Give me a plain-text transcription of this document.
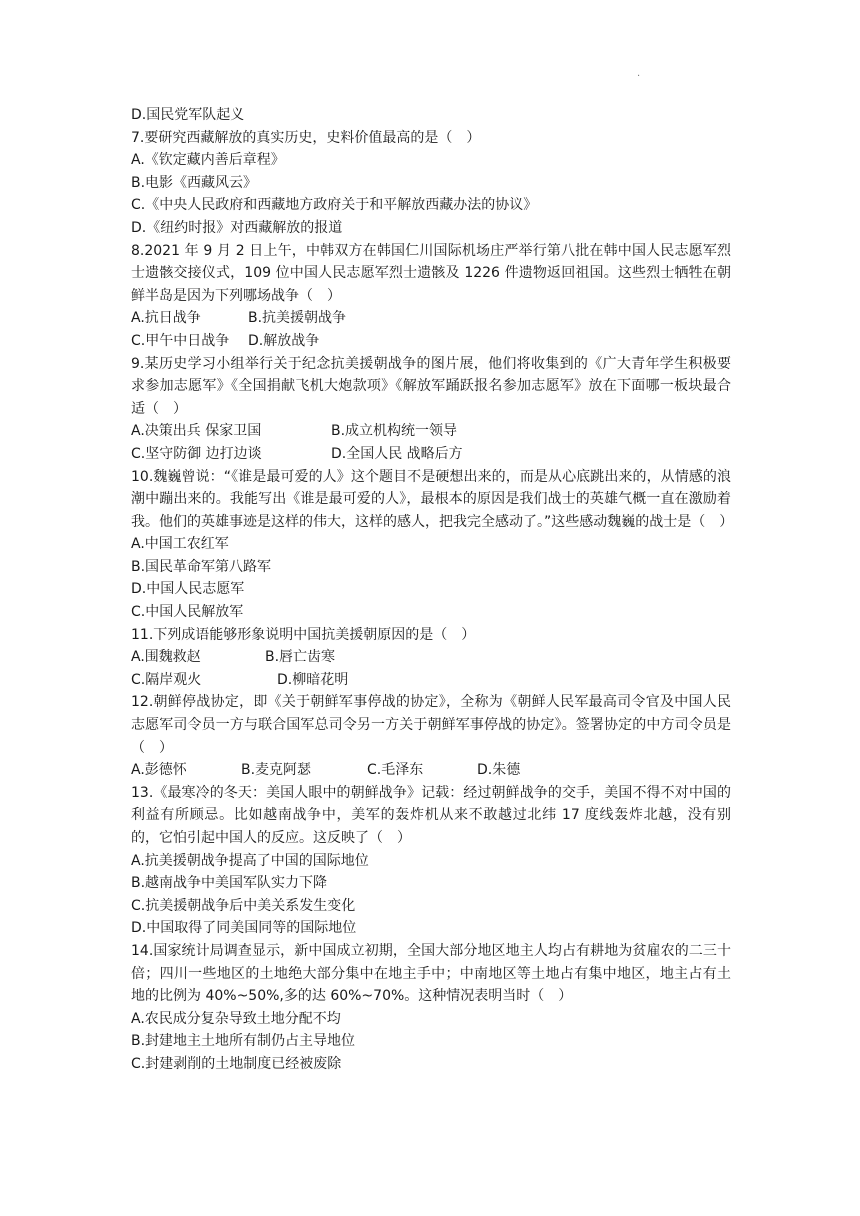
.
D.国民党军队起义
7.要研究西藏解放的真实历史，史料价值最高的是（　）
A.《钦定藏内善后章程》
B.电影《西藏风云》
C.《中央人民政府和西藏地方政府关于和平解放西藏办法的协议》
D.《纽约时报》对西藏解放的报道
8.2021 年 9 月 2 日上午，中韩双方在韩国仁川国际机场庄严举行第八批在韩中国人民志愿军烈士遗骸交接仪式，109 位中国人民志愿军烈士遗骸及 1226 件遗物返回祖国。这些烈士牺牲在朝鲜半岛是因为下列哪场战争（　）
A.抗日战争	B.抗美援朝战争
C.甲午中日战争	D.解放战争
9.某历史学习小组举行关于纪念抗美援朝战争的图片展，他们将收集到的《广大青年学生积极要求参加志愿军》《全国捐献飞机大炮款项》《解放军踊跃报名参加志愿军》放在下面哪一板块最合适（　）
A.决策出兵 保家卫国	B.成立机构统一领导
C.坚守防御 边打边谈	D.全国人民 战略后方
10.魏巍曾说：“《谁是最可爱的人》这个题目不是硬想出来的，而是从心底跳出来的，从情感的浪潮中蹦出来的。我能写出《谁是最可爱的人》，最根本的原因是我们战士的英雄气概一直在激励着我。他们的英雄事迹是这样的伟大，这样的感人，把我完全感动了。”这些感动魏巍的战士是（　）
A.中国工农红军
B.国民革命军第八路军
D.中国人民志愿军
C.中国人民解放军
11.下列成语能够形象说明中国抗美援朝原因的是（　）
A.围魏救赵	B.唇亡齿寒
C.隔岸观火	D.柳暗花明
12.朝鲜停战协定，即《关于朝鲜军事停战的协定》，全称为《朝鲜人民军最高司令官及中国人民志愿军司令员一方与联合国军总司令另一方关于朝鲜军事停战的协定》。签署协定的中方司令员是（　）
A.彭德怀	B.麦克阿瑟	C.毛泽东	D.朱德
13.《最寒冷的冬天：美国人眼中的朝鲜战争》记载：经过朝鲜战争的交手，美国不得不对中国的利益有所顾忌。比如越南战争中，美军的轰炸机从来不敢越过北纬 17 度线轰炸北越，没有别的，它怕引起中国人的反应。这反映了（　）
A.抗美援朝战争提高了中国的国际地位
B.越南战争中美国军队实力下降
C.抗美援朝战争后中美关系发生变化
D.中国取得了同美国同等的国际地位
14.国家统计局调查显示，新中国成立初期，全国大部分地区地主人均占有耕地为贫雇农的二三十倍；四川一些地区的土地绝大部分集中在地主手中；中南地区等土地占有集中地区，地主占有土地的比例为 40%~50%,多的达 60%~70%。这种情况表明当时（　）
A.农民成分复杂导致土地分配不均
B.封建地主土地所有制仍占主导地位
C.封建剥削的土地制度已经被废除
